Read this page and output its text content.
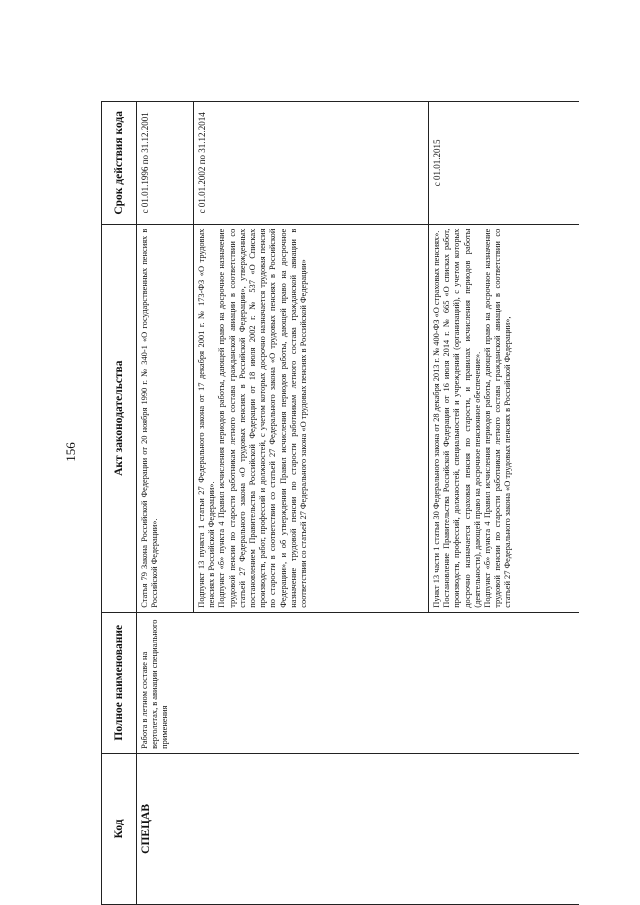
156
Код	Полное наименование	Акт законодательства	Срок действия кода
СПЕЦАВ	Работа в летном составе на вертолетах, в авиации специального применения	Статья 79 Закона Российской Федерации от 20 ноября 1990 г. № 340-1 «О государственных пенсиях в Российской Федерации».	с 01.01.1996 по 31.12.2001

		Подпункт 13 пункта 1 статьи 27 Федерального закона от 17 декабря 2001 г. № 173-ФЗ «О трудовых пенсиях в Российской Федерации». Подпункт «б» пункта 4 Правил исчисления периодов работы, дающей право на досрочное назначение трудовой пенсии по старости работникам летного состава гражданской авиации в соответствии со статьей 27 Федерального закона «О трудовых пенсиях в Российской Федерации», утвержденных постановлением Правительства Российской Федерации от 18 июля 2002 г. № 537 «О Списках производств, работ, профессий и должностей, с учетом которых досрочно назначается трудовая пенсия по старости в соответствии со статьей 27 Федерального закона «О трудовых пенсиях в Российской Федерации», и об утверждении Правил исчисления периодов работы, дающей право на досрочное назначение трудовой пенсии по старости работникам летного состава гражданской авиации в соответствии со статьей 27 Федерального закона «О трудовых пенсиях в Российской Федерации»	с 01.01.2002 по 31.12.2014

		Пункт 13 части 1 статьи 30 Федерального закона от 28 декабря 2013 г. № 400-ФЗ «О страховых пенсиях». Постановление Правительства Российской Федерации от 16 июля 2014 г. № 665 «О списках работ, производств, профессий, должностей, специальностей и учреждений (организаций), с учетом которых досрочно назначается страховая пенсия по старости, и правилах исчисления периодов работы (деятельности), дающей право на досрочное пенсионное обеспечение». Подпункт «б» пункта 4 Правил исчисления периодов работы, дающей право на досрочное назначение трудовой пенсии по старости работникам летного состава гражданской авиации в соответствии со статьей 27 Федерального закона «О трудовых пенсиях в Российской Федерации»,	с 01.01.2015
